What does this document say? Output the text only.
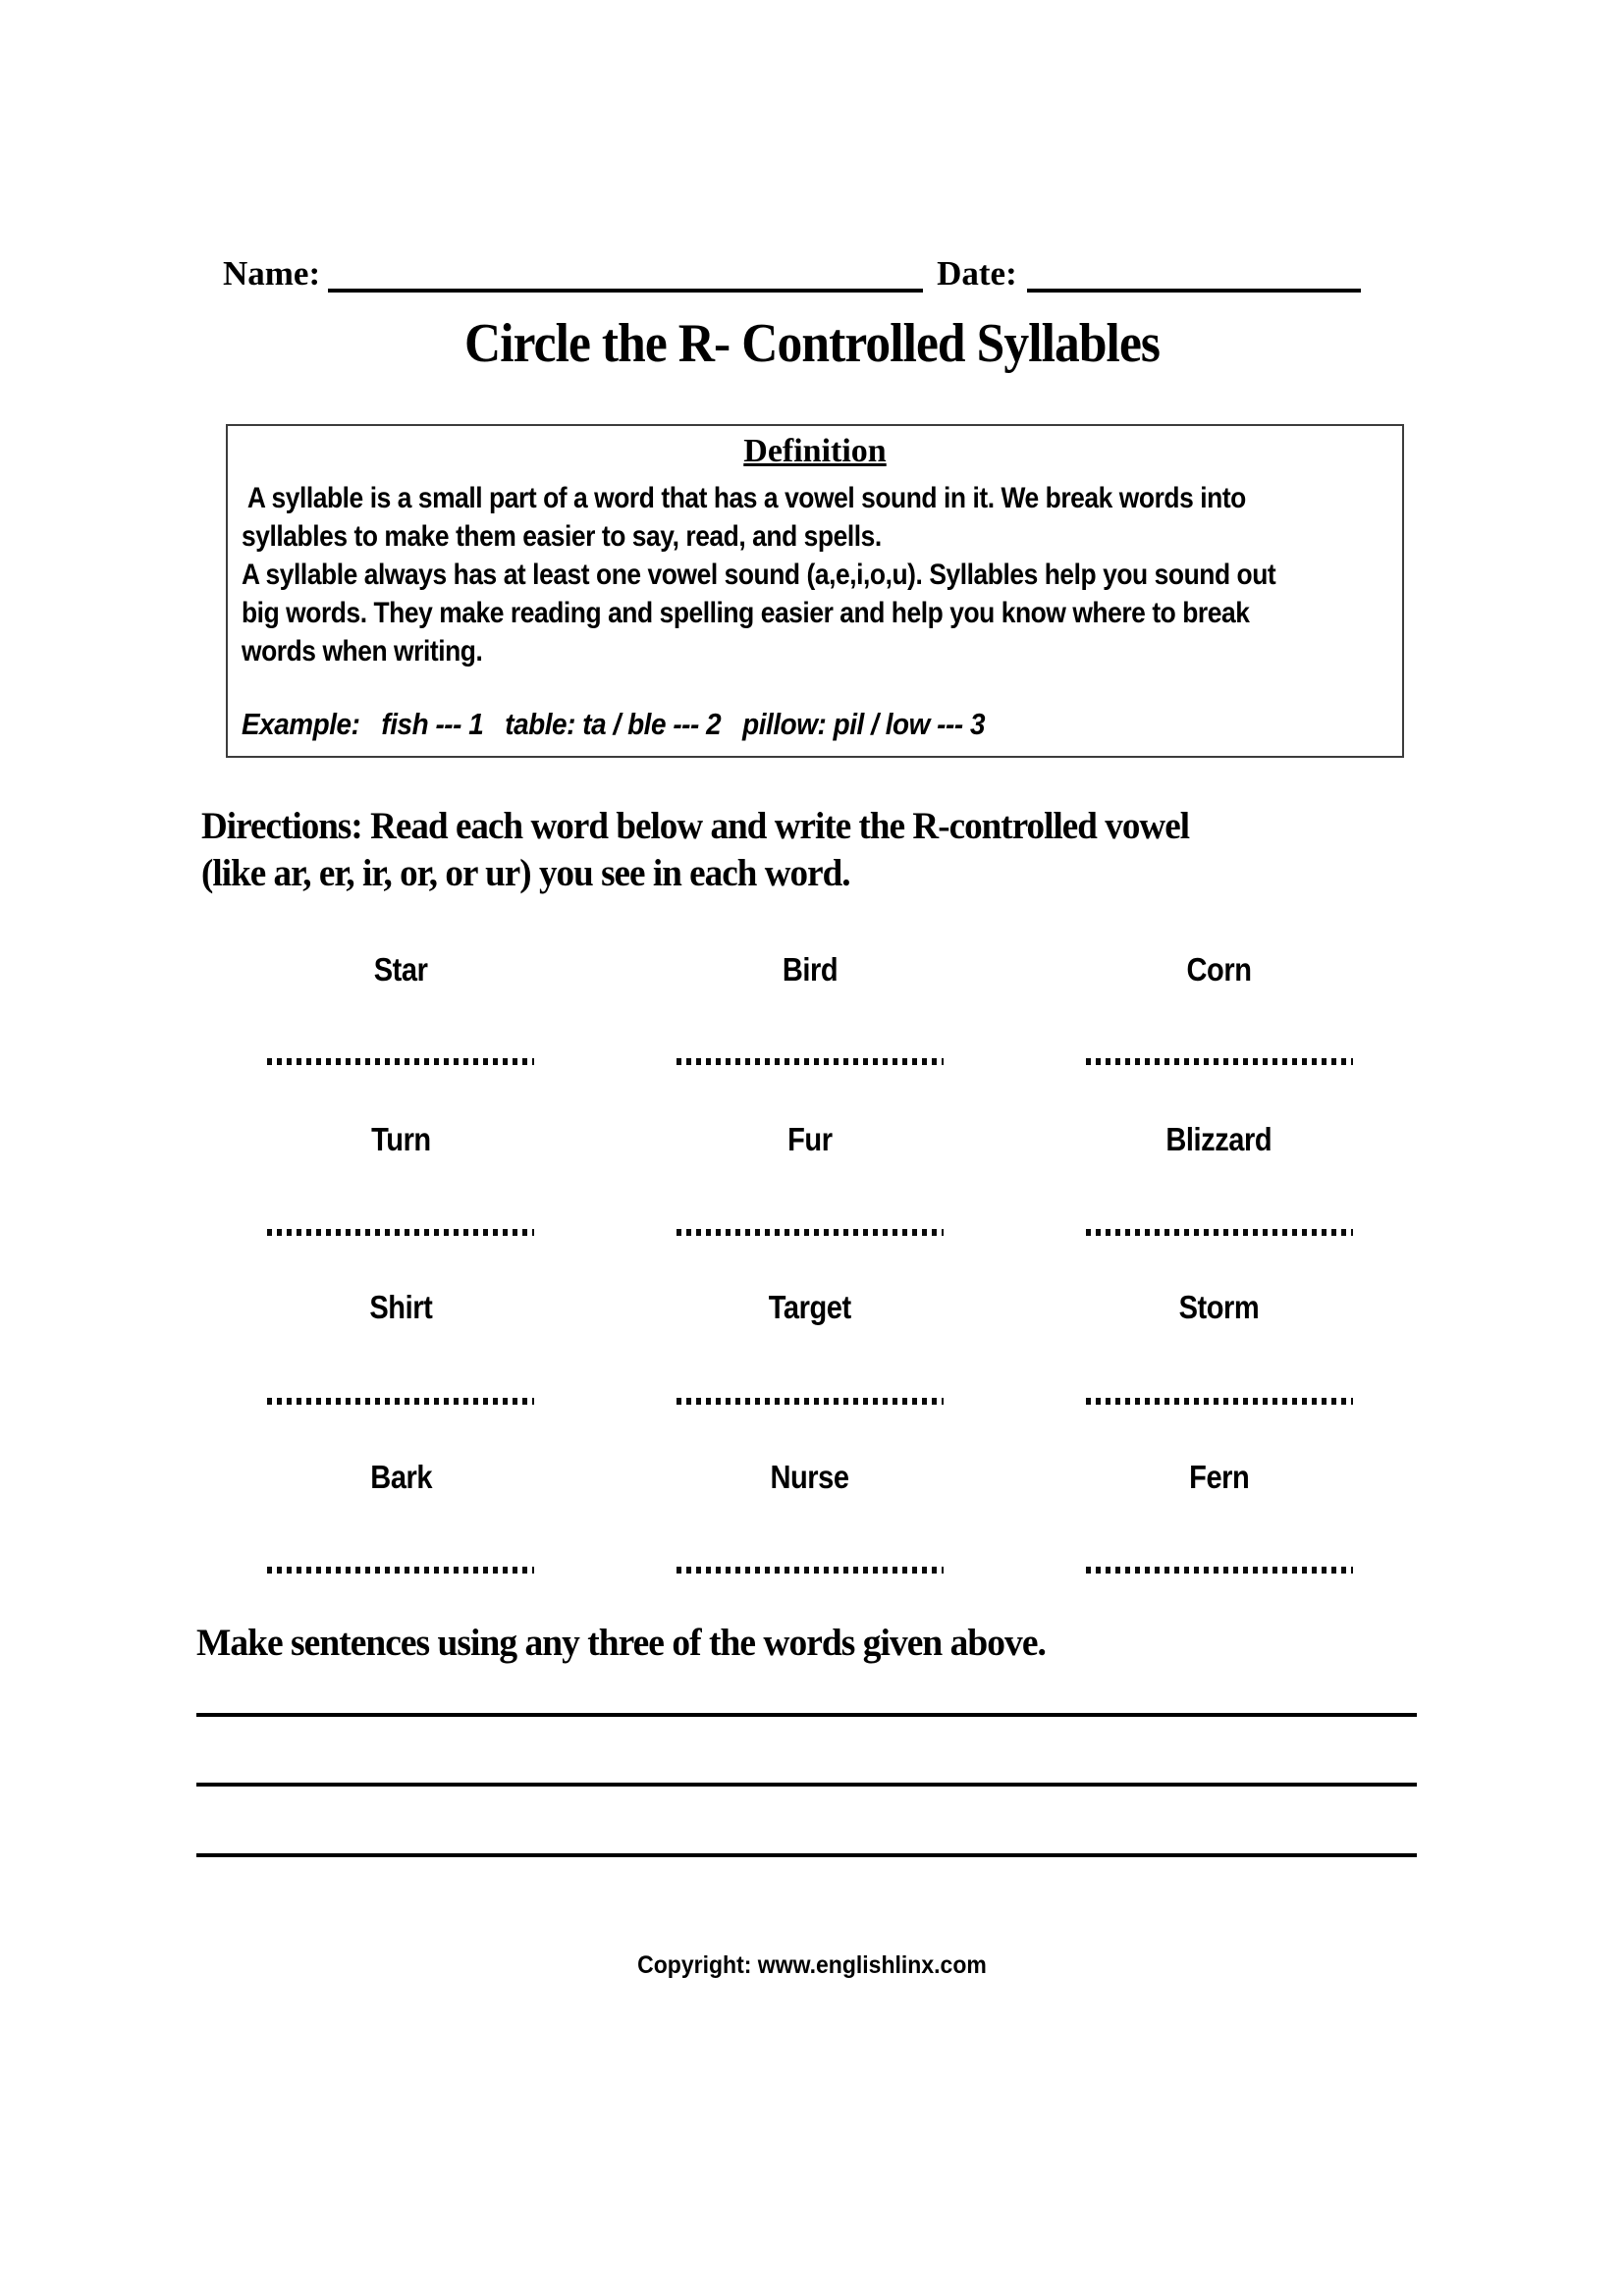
Name:	Date:
Circle the R- Controlled Syllables
Definition
A syllable is a small part of a word that has a vowel sound in it. We break words into
syllables to make them easier to say, read, and spells.
A syllable always has at least one vowel sound (a,e,i,o,u). Syllables help you sound out
big words. They make reading and spelling easier and help you know where to break
words when writing.
Example:   fish --- 1   table: ta / ble --- 2   pillow: pil / low --- 3
Directions: Read each word below and write the R-controlled vowel
(like ar, er, ir, or, or ur) you see in each word.
Star	Bird	Corn
Turn	Fur	Blizzard
Shirt	Target	Storm
Bark	Nurse	Fern
Make sentences using any three of the words given above.
Copyright: www.englishlinx.com
